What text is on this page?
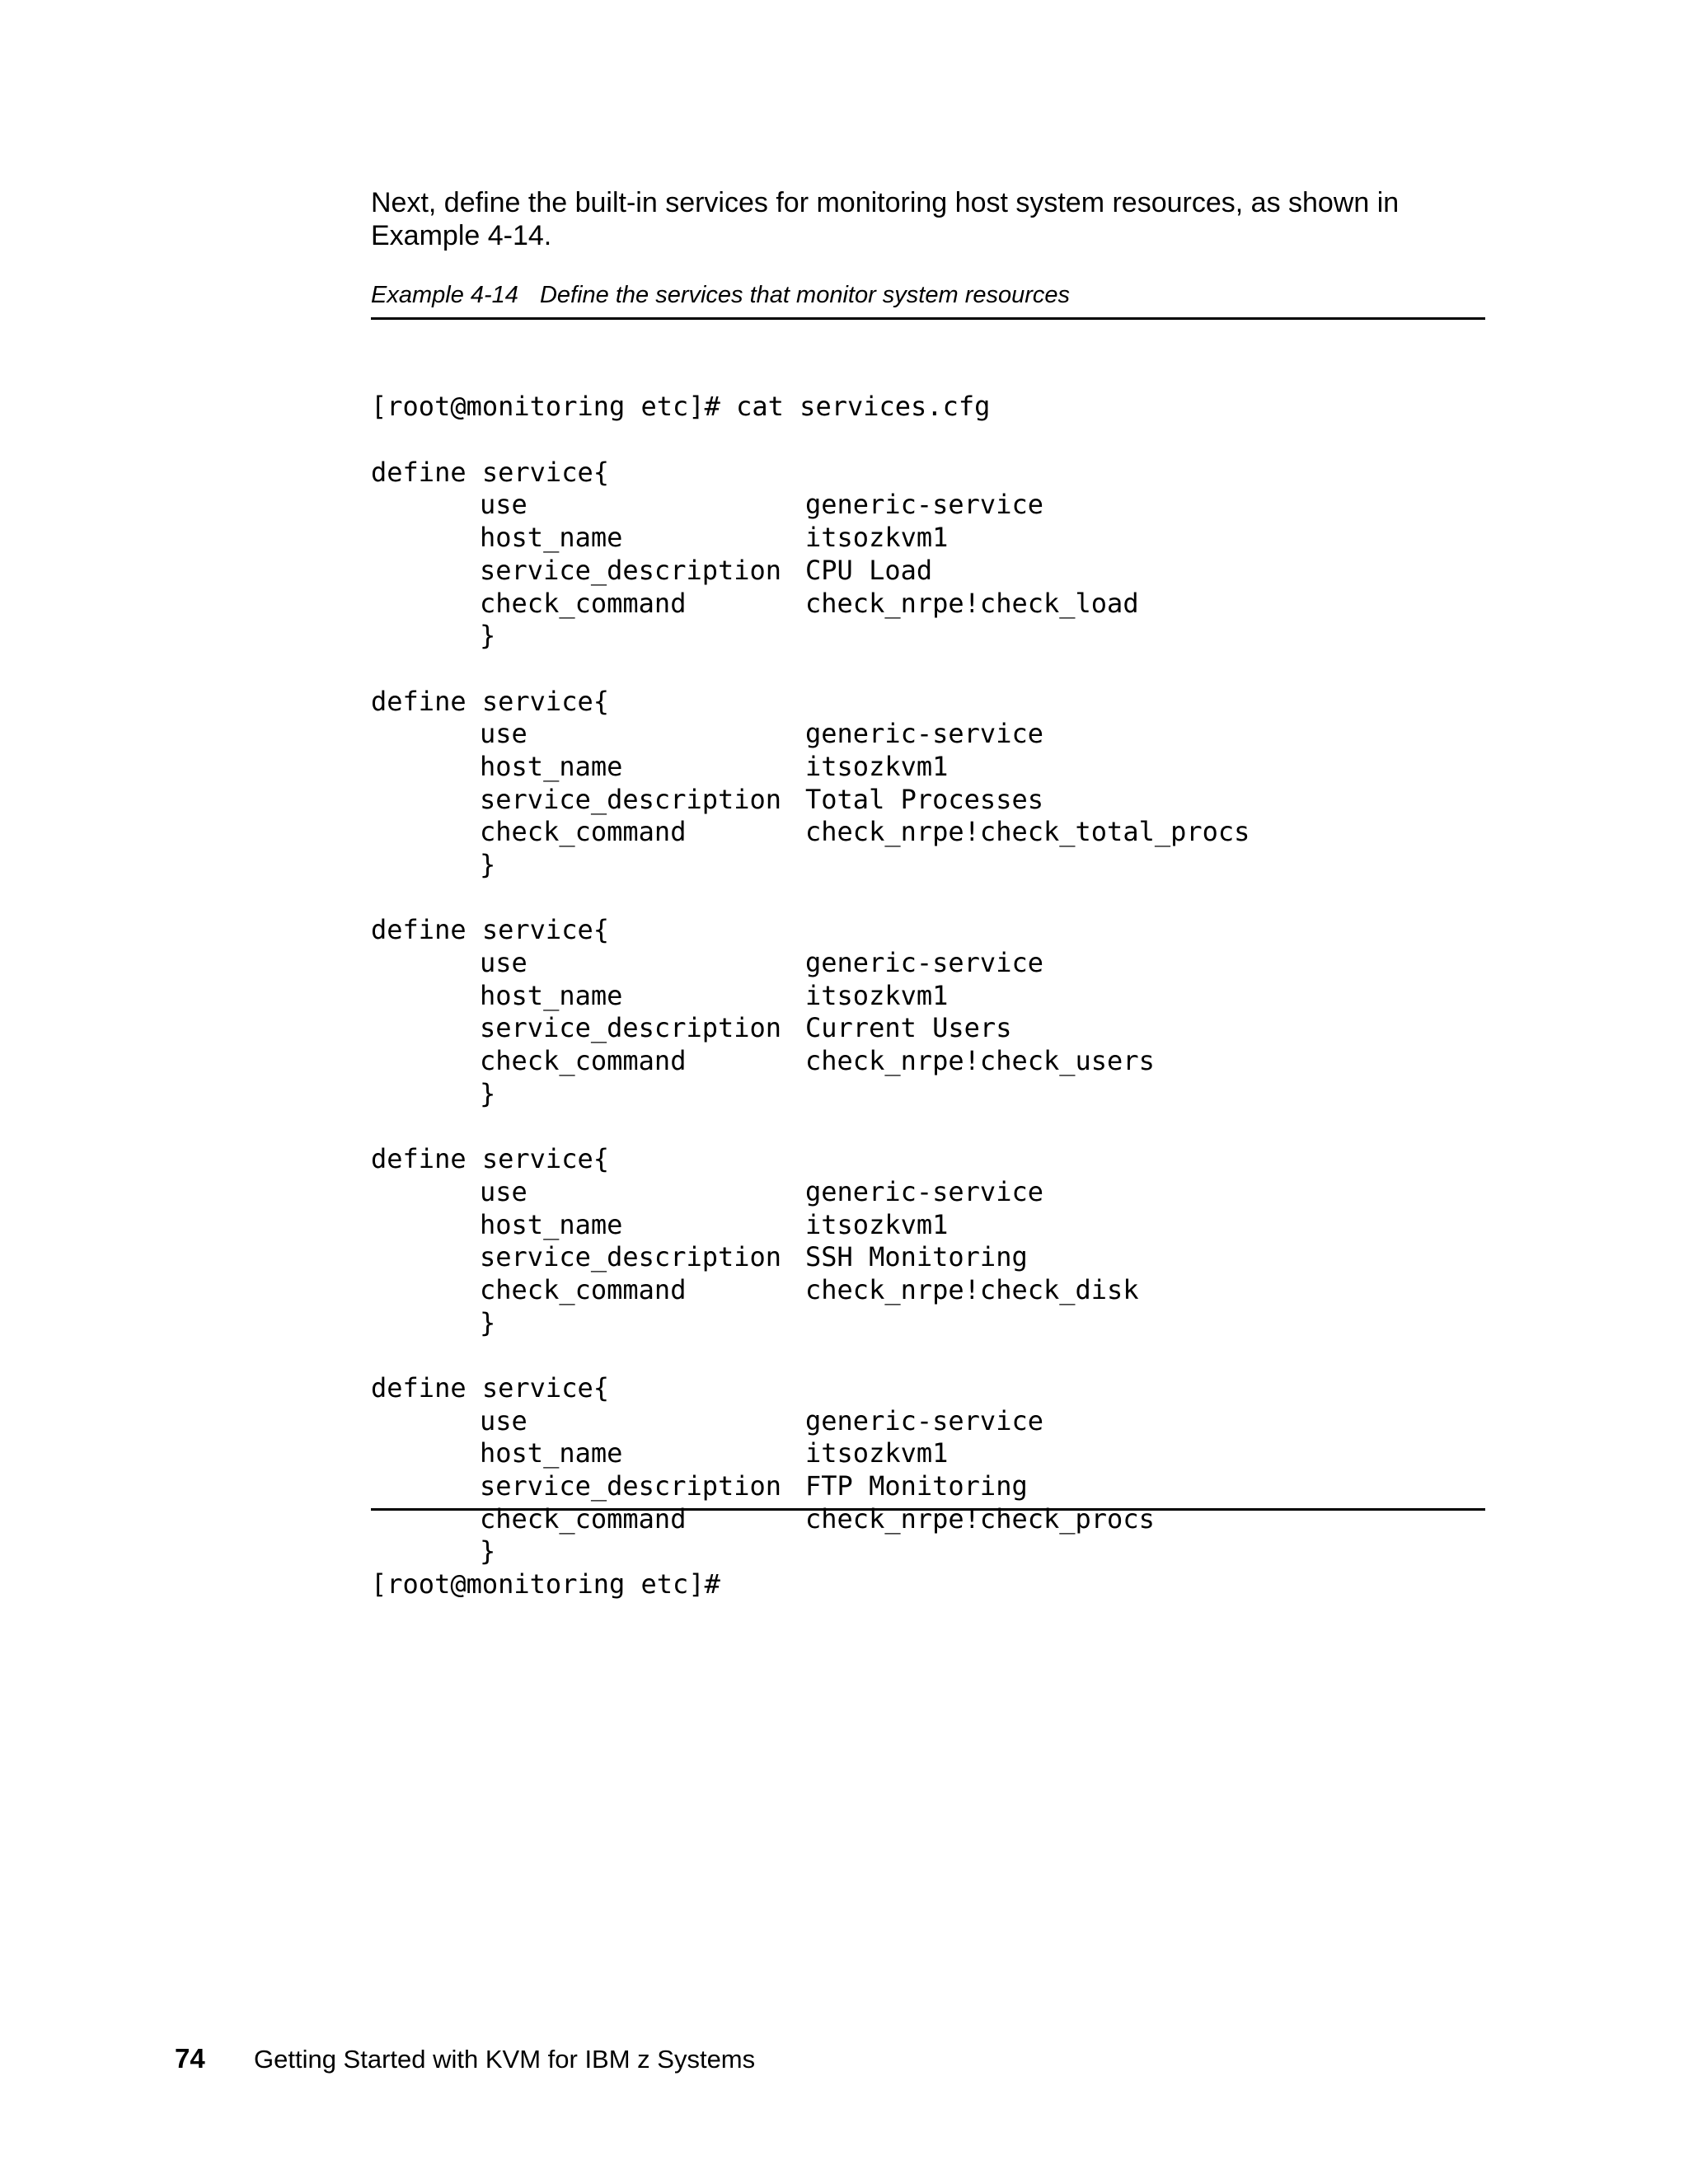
Next, define the built-in services for monitoring host system resources, as shown in Example 4-14.

Example 4-14 Define the services that monitor system resources

[root@monitoring etc]# cat services.cfg

define service{
use	generic-service
host_name	itsozkvm1
service_description CPU Load
check_command	check_nrpe!check_load
}
define service{
use	generic-service
host_name	itsozkvm1
service_description Total Processes
check_command	check_nrpe!check_total_procs
}
define service{
use	generic-service
host_name	itsozkvm1
service_description Current Users
check_command	check_nrpe!check_users
}
define service{
use	generic-service
host_name	itsozkvm1
service_description SSH Monitoring
check_command	check_nrpe!check_disk
}
define service{
use	generic-service
host_name	itsozkvm1
service_description FTP Monitoring
check_command	check_nrpe!check_procs
}
[root@monitoring etc]#
74 Getting Started with KVM for IBM z Systems
